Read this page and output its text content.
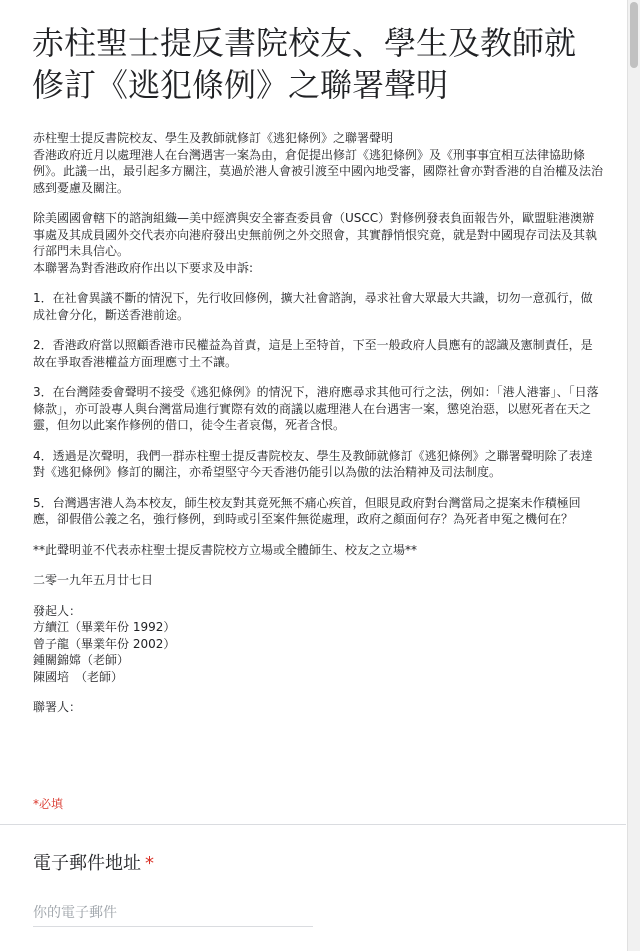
赤柱聖士提反書院校友、學生及教師就修訂《逃犯條例》之聯署聲明

赤柱聖士提反書院校友、學生及教師就修訂《逃犯條例》之聯署聲明

香港政府近月以處理港人在台灣遇害一案為由，倉促提出修訂《逃犯條例》及《刑事事宜相互法律協助條例》。此議一出，最引起多方關注，莫過於港人會被引渡至中國內地受審，國際社會亦對香港的自治權及法治感到憂慮及關注。

除美國國會轄下的諮詢組織—美中經濟與安全審查委員會（USCC）對修例發表負面報告外，歐盟駐港澳辦事處及其成員國外交代表亦向港府發出史無前例之外交照會，其實靜悄恨究竟，就是對中國現存司法及其執行部門未具信心。

本聯署為對香港政府作出以下要求及申訴:

1．在社會異議不斷的情況下，先行收回修例，擴大社會諮詢，尋求社會大眾最大共識，切勿一意孤行，做成社會分化，斷送香港前途。

2．香港政府當以照顧香港市民權益為首責，這是上至特首，下至一般政府人員應有的認識及憲制責任，是故在爭取香港權益方面理應寸土不讓。

3．在台灣陸委會聲明不接受《逃犯條例》的情況下，港府應尋求其他可行之法，例如：「港人港審」、「日落條款」，亦可設專人與台灣當局進行實際有效的商議以處理港人在台遇害一案，懲兇治惡，以慰死者在天之靈，但勿以此案作修例的借口，徒令生者哀傷，死者含恨。

4．透過是次聲明，我們一群赤柱聖士提反書院校友、學生及教師就修訂《逃犯條例》之聯署聲明除了表達對《逃犯條例》修訂的關注，亦希望堅守今天香港仍能引以為傲的法治精神及司法制度。

5．台灣遇害港人為本校友，師生校友對其竟死無不痛心疾首，但眼見政府對台灣當局之提案未作積極回應，卻假借公義之名，強行修例，到時或引至案件無從處理，政府之顏面何存？為死者申冤之機何在？

**此聲明並不代表赤柱聖士提反書院校方立場或全體師生、校友之立場**

二零一九年五月廿七日

發起人：

方續江（畢業年份 1992）

曾子龍（畢業年份 2002）

鍾關錦嫦（老師）

陳國培　（老師）

聯署人：

*必填
電子郵件地址 *
你的電子郵件
